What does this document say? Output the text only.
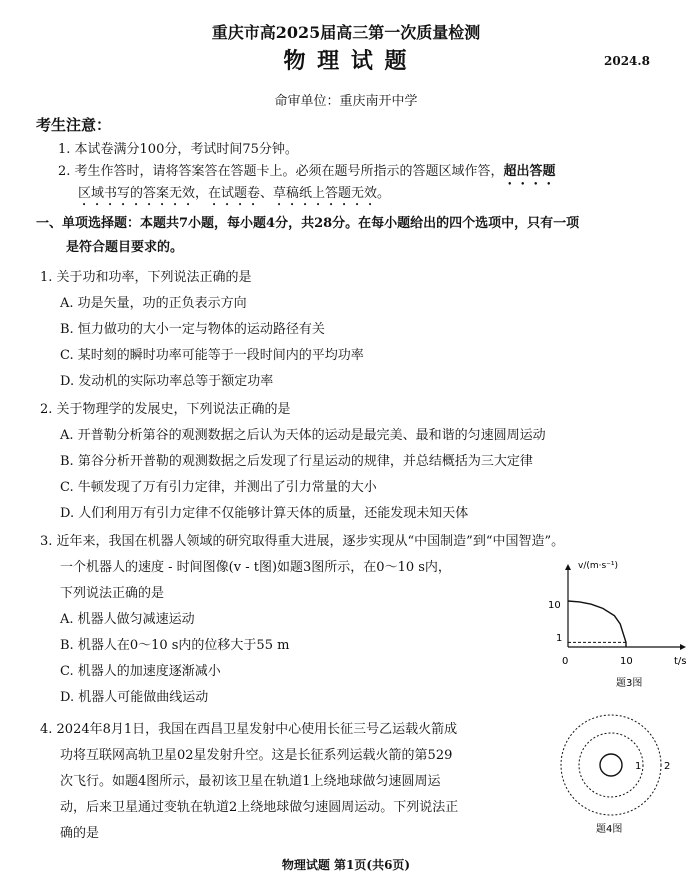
重庆市高2025届高三第一次质量检测
物 理 试 题	2024.8
命审单位：重庆南开中学
考生注意：
1. 本试卷满分100分，考试时间75分钟。
2. 考生作答时，请将答案答在答题卡上。必须在题号所指示的答题区域作答，超出答题
区域书写的答案无效，在试题卷、草稿纸上答题无效。
一、单项选择题：本题共7小题，每小题4分，共28分。在每小题给出的四个选项中，只有一项
是符合题目要求的。
1. 关于功和功率，下列说法正确的是
A. 功是矢量，功的正负表示方向
B. 恒力做功的大小一定与物体的运动路径有关
C. 某时刻的瞬时功率可能等于一段时间内的平均功率
D. 发动机的实际功率总等于额定功率
2. 关于物理学的发展史，下列说法正确的是
A. 开普勒分析第谷的观测数据之后认为天体的运动是最完美、最和谐的匀速圆周运动
B. 第谷分析开普勒的观测数据之后发现了行星运动的规律，并总结概括为三大定律
C. 牛顿发现了万有引力定律，并测出了引力常量的大小
D. 人们利用万有引力定律不仅能够计算天体的质量，还能发现未知天体
3. 近年来，我国在机器人领域的研究取得重大进展，逐步实现从“中国制造”到“中国智造”。
一个机器人的速度 - 时间图像(v - t图)如题3图所示，在0～10 s内，
下列说法正确的是
A. 机器人做匀减速运动
B. 机器人在0～10 s内的位移大于55 m
C. 机器人的加速度逐渐减小
D. 机器人可能做曲线运动
v/(m·s⁻¹)
t/s
0
10
1
10
题3图
4. 2024年8月1日，我国在西昌卫星发射中心使用长征三号乙运载火箭成
功将互联网高轨卫星02星发射升空。这是长征系列运载火箭的第529
次飞行。如题4图所示，最初该卫星在轨道1上绕地球做匀速圆周运
动，后来卫星通过变轨在轨道2上绕地球做匀速圆周运动。下列说法正
确的是
1 2
题4图
物理试题 第1页(共6页)
